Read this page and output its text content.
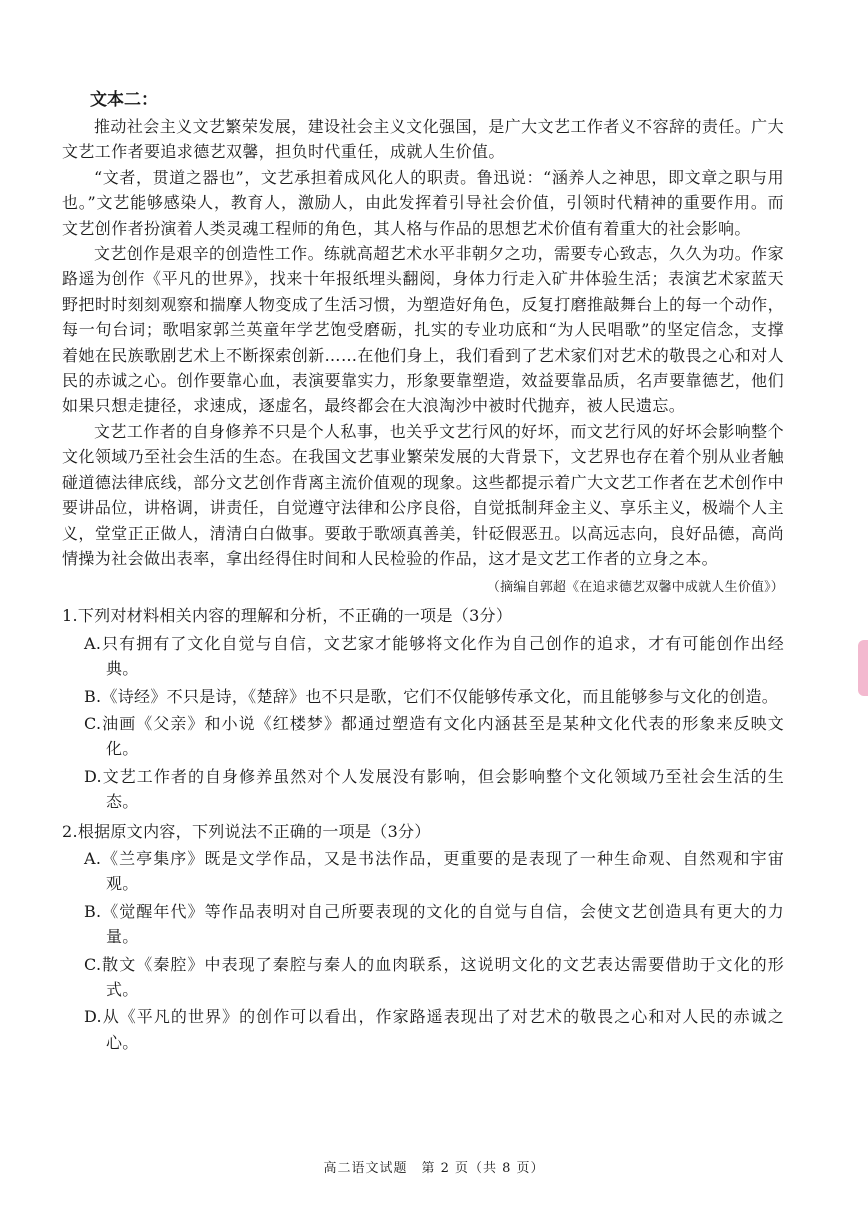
文本二：

推动社会主义文艺繁荣发展，建设社会主义文化强国，是广大文艺工作者义不容辞的责任。广大文艺工作者要追求德艺双馨，担负时代重任，成就人生价值。

“文者，贯道之器也”，文艺承担着成风化人的职责。鲁迅说：“涵养人之神思，即文章之职与用也。”文艺能够感染人，教育人，激励人，由此发挥着引导社会价值，引领时代精神的重要作用。而文艺创作者扮演着人类灵魂工程师的角色，其人格与作品的思想艺术价值有着重大的社会影响。

文艺创作是艰辛的创造性工作。练就高超艺术水平非朝夕之功，需要专心致志，久久为功。作家路遥为创作《平凡的世界》，找来十年报纸埋头翻阅，身体力行走入矿井体验生活；表演艺术家蓝天野把时时刻刻观察和揣摩人物变成了生活习惯，为塑造好角色，反复打磨推敲舞台上的每一个动作，每一句台词；歌唱家郭兰英童年学艺饱受磨砺，扎实的专业功底和“为人民唱歌”的坚定信念，支撑着她在民族歌剧艺术上不断探索创新……在他们身上，我们看到了艺术家们对艺术的敬畏之心和对人民的赤诚之心。创作要靠心血，表演要靠实力，形象要靠塑造，效益要靠品质，名声要靠德艺，他们如果只想走捷径，求速成，逐虚名，最终都会在大浪淘沙中被时代抛弃，被人民遗忘。

文艺工作者的自身修养不只是个人私事，也关乎文艺行风的好坏，而文艺行风的好坏会影响整个文化领域乃至社会生活的生态。在我国文艺事业繁荣发展的大背景下，文艺界也存在着个别从业者触碰道德法律底线，部分文艺创作背离主流价值观的现象。这些都提示着广大文艺工作者在艺术创作中要讲品位，讲格调，讲责任，自觉遵守法律和公序良俗，自觉抵制拜金主义、享乐主义，极端个人主义，堂堂正正做人，清清白白做事。要敢于歌颂真善美，针砭假恶丑。以高远志向，良好品德，高尚情操为社会做出表率，拿出经得住时间和人民检验的作品，这才是文艺工作者的立身之本。

（摘编自郭超《在追求德艺双馨中成就人生价值》）

1.下列对材料相关内容的理解和分析，不正确的一项是（3分）

A.只有拥有了文化自觉与自信，文艺家才能够将文化作为自己创作的追求，才有可能创作出经典。

B.《诗经》不只是诗，《楚辞》也不只是歌，它们不仅能够传承文化，而且能够参与文化的创造。

C.油画《父亲》和小说《红楼梦》都通过塑造有文化内涵甚至是某种文化代表的形象来反映文化。

D.文艺工作者的自身修养虽然对个人发展没有影响，但会影响整个文化领域乃至社会生活的生态。

2.根据原文内容，下列说法不正确的一项是（3分）

A.《兰亭集序》既是文学作品，又是书法作品，更重要的是表现了一种生命观、自然观和宇宙观。

B.《觉醒年代》等作品表明对自己所要表现的文化的自觉与自信，会使文艺创造具有更大的力量。

C.散文《秦腔》中表现了秦腔与秦人的血肉联系，这说明文化的文艺表达需要借助于文化的形式。

D.从《平凡的世界》的创作可以看出，作家路遥表现出了对艺术的敬畏之心和对人民的赤诚之心。

高二语文试题　第 2 页（共 8 页）
